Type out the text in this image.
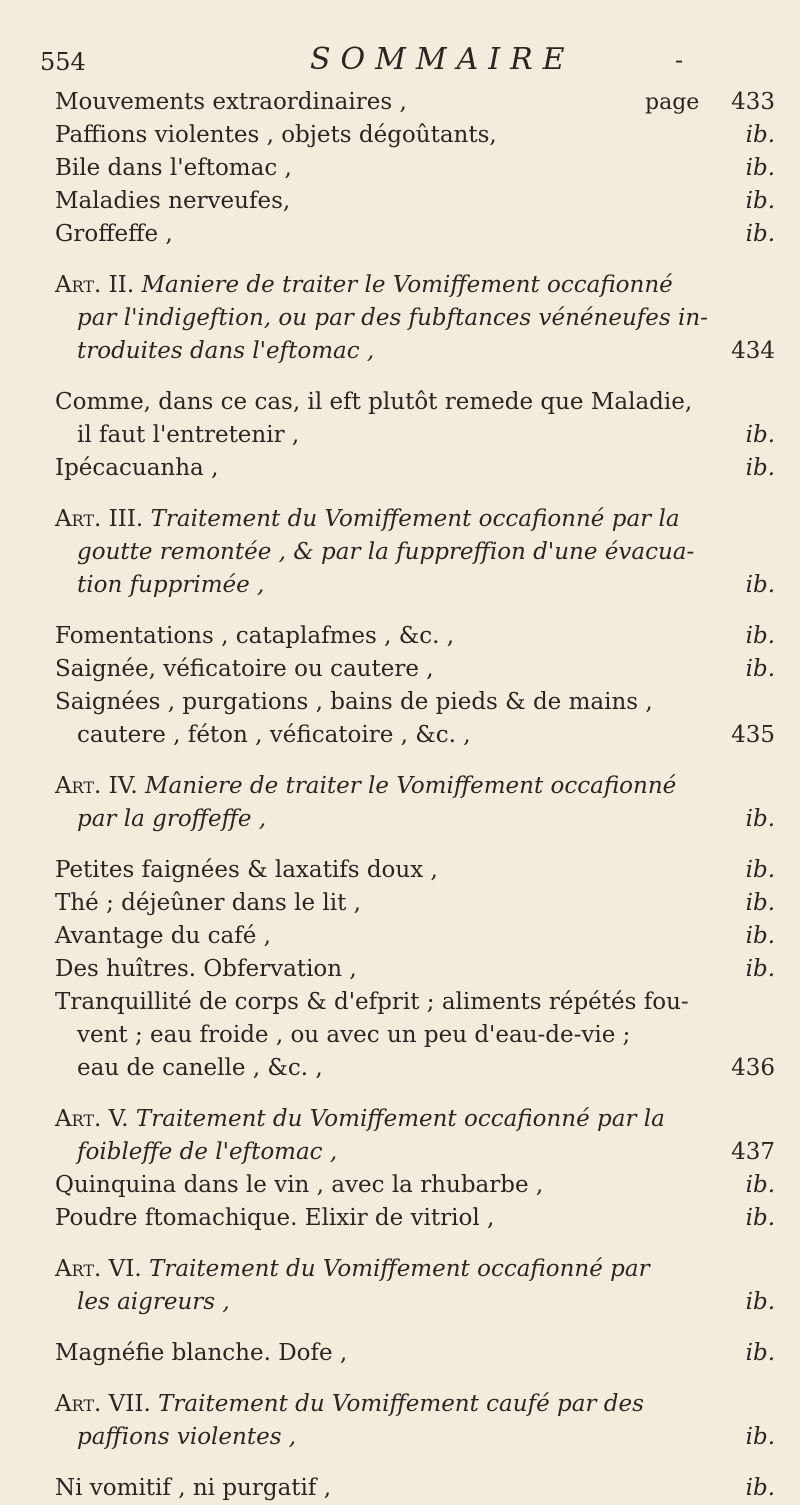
554	SOMMAIRE	-
Mouvements extraordinaires ,	page 433
Paffions violentes , objets dégoûtants,	ib.
Bile dans l'eftomac ,	ib.
Maladies nerveufes,	ib.
Groffeffe ,	ib.
Art. II. Maniere de traiter le Vomiffement occafionné
par l'indigeftion, ou par des fubftances vénéneufes in-
troduites dans l'eftomac ,	434
Comme, dans ce cas, il eft plutôt remede que Maladie,
il faut l'entretenir ,	ib.
Ipécacuanha ,	ib.
Art. III. Traitement du Vomiffement occafionné par la
goutte remontée , & par la fuppreffion d'une évacua-
tion fupprimée ,	ib.
Fomentations , cataplafmes , &c. ,	ib.
Saignée, véficatoire ou cautere ,	ib.
Saignées , purgations , bains de pieds & de mains ,
cautere , féton , véficatoire , &c. ,	435
Art. IV. Maniere de traiter le Vomiffement occafionné
par la groffeffe ,	ib.
Petites faignées & laxatifs doux ,	ib.
Thé ; déjeûner dans le lit ,	ib.
Avantage du café ,	ib.
Des huîtres. Obfervation ,	ib.
Tranquillité de corps & d'efprit ; aliments répétés fou-
vent ; eau froide , ou avec un peu d'eau-de-vie ;
eau de canelle , &c. ,	436
Art. V. Traitement du Vomiffement occafionné par la
foibleffe de l'eftomac ,	437
Quinquina dans le vin , avec la rhubarbe ,	ib.
Poudre ftomachique. Elixir de vitriol ,	ib.
Art. VI. Traitement du Vomiffement occafionné par
les aigreurs ,	ib.
Magnéfie blanche. Dofe ,	ib.
Art. VII. Traitement du Vomiffement caufé par des
paffions violentes ,	ib.
Ni vomitif , ni purgatif ,	ib.
